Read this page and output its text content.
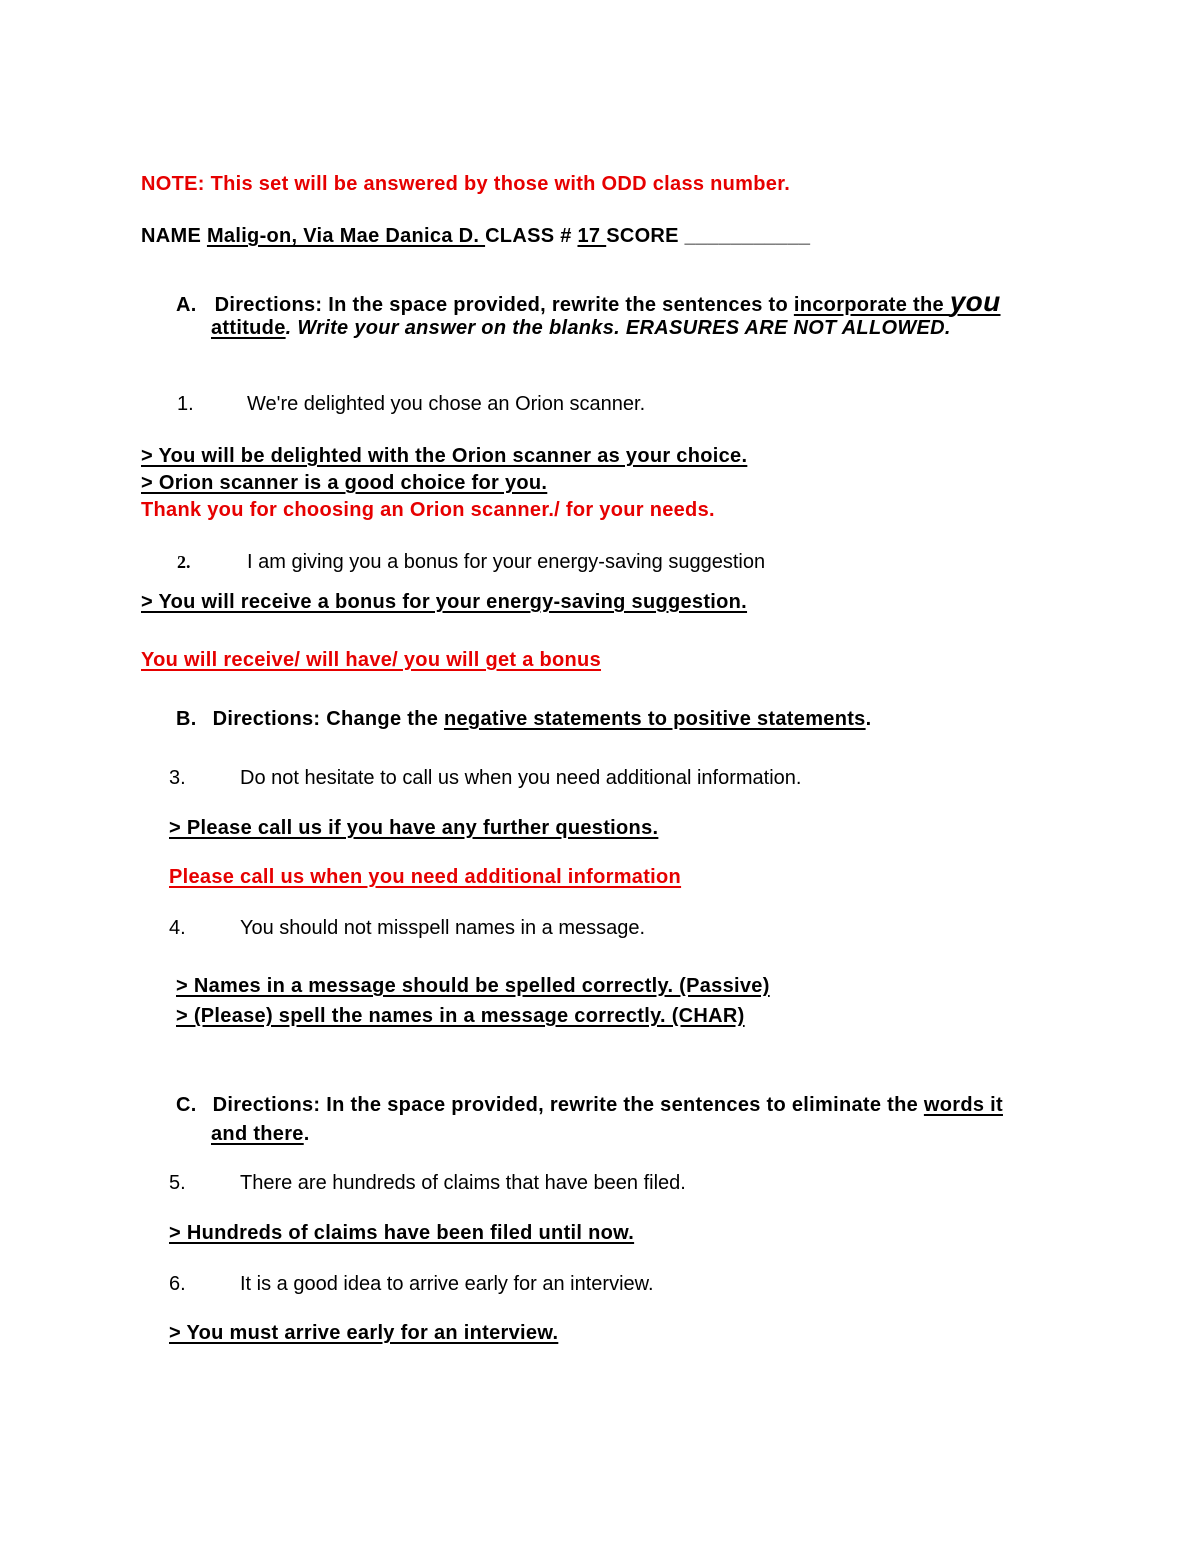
NOTE: This set will be answered by those with ODD class number.
NAME Malig-on, Via Mae Danica D. CLASS # 17 SCORE ___________
A. Directions: In the space provided, rewrite the sentences to incorporate the you
attitude. Write your answer on the blanks. ERASURES ARE NOT ALLOWED.
1.	We're delighted you chose an Orion scanner.
> You will be delighted with the Orion scanner as your choice.
> Orion scanner is a good choice for you.
Thank you for choosing an Orion scanner./ for your needs.
2.	I am giving you a bonus for your energy-saving suggestion
> You will receive a bonus for your energy-saving suggestion.
You will receive/ will have/ you will get a bonus
B. Directions: Change the negative statements to positive statements.
3.	Do not hesitate to call us when you need additional information.
> Please call us if you have any further questions.
Please call us when you need additional information
4.	You should not misspell names in a message.
> Names in a message should be spelled correctly. (Passive)
> (Please) spell the names in a message correctly. (CHAR)
C. Directions: In the space provided, rewrite the sentences to eliminate the words it
and there.
5.	There are hundreds of claims that have been filed.
> Hundreds of claims have been filed until now.
6.	It is a good idea to arrive early for an interview.
> You must arrive early for an interview.
